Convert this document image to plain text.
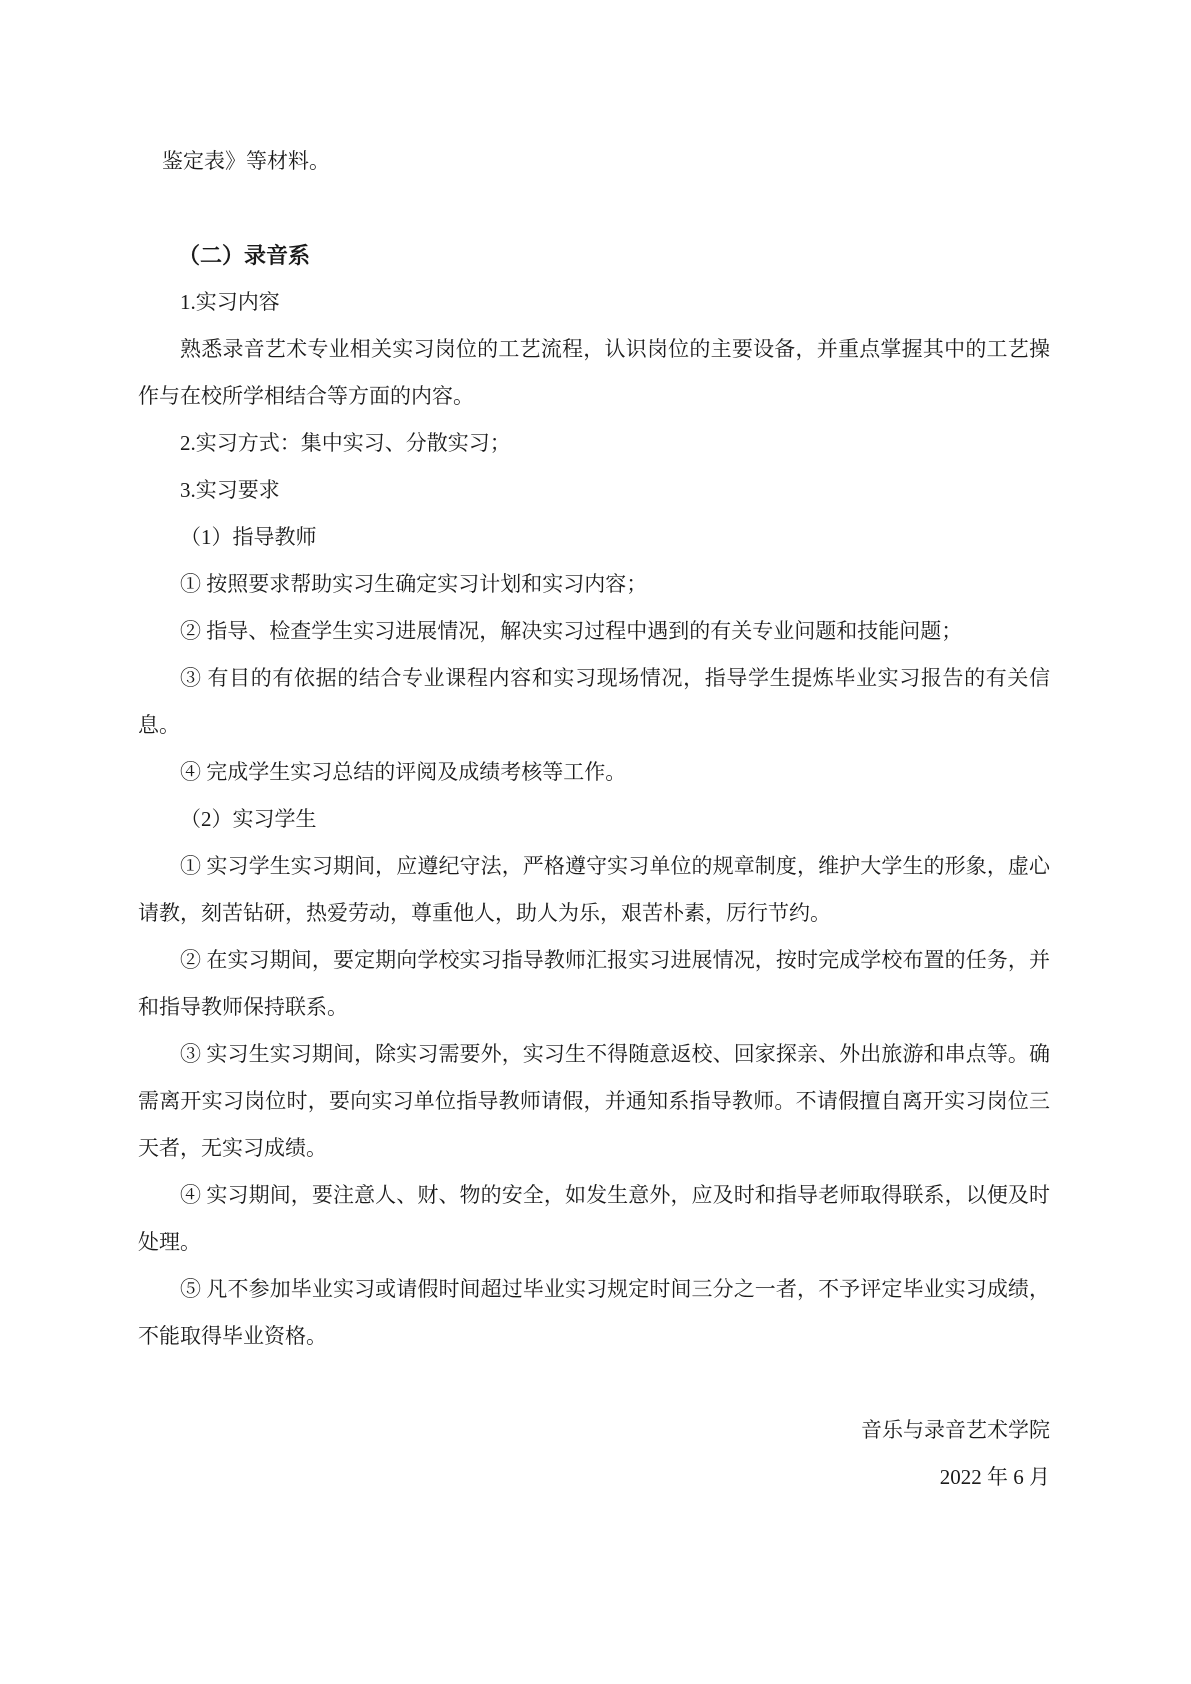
鉴定表》等材料。
（二）录音系
1.实习内容
熟悉录音艺术专业相关实习岗位的工艺流程，认识岗位的主要设备，并重点掌握其中的工艺操
作与在校所学相结合等方面的内容。
2.实习方式：集中实习、分散实习；
3.实习要求
（1）指导教师
① 按照要求帮助实习生确定实习计划和实习内容；
② 指导、检查学生实习进展情况，解决实习过程中遇到的有关专业问题和技能问题；
③ 有目的有依据的结合专业课程内容和实习现场情况，指导学生提炼毕业实习报告的有关信
息。
④ 完成学生实习总结的评阅及成绩考核等工作。
（2）实习学生
① 实习学生实习期间，应遵纪守法，严格遵守实习单位的规章制度，维护大学生的形象，虚心
请教，刻苦钻研，热爱劳动，尊重他人，助人为乐，艰苦朴素，厉行节约。
② 在实习期间，要定期向学校实习指导教师汇报实习进展情况，按时完成学校布置的任务，并
和指导教师保持联系。
③ 实习生实习期间，除实习需要外，实习生不得随意返校、回家探亲、外出旅游和串点等。确
需离开实习岗位时，要向实习单位指导教师请假，并通知系指导教师。不请假擅自离开实习岗位三
天者，无实习成绩。
④ 实习期间，要注意人、财、物的安全，如发生意外，应及时和指导老师取得联系，以便及时
处理。
⑤ 凡不参加毕业实习或请假时间超过毕业实习规定时间三分之一者，不予评定毕业实习成绩，
不能取得毕业资格。
音乐与录音艺术学院
2022 年 6 月
